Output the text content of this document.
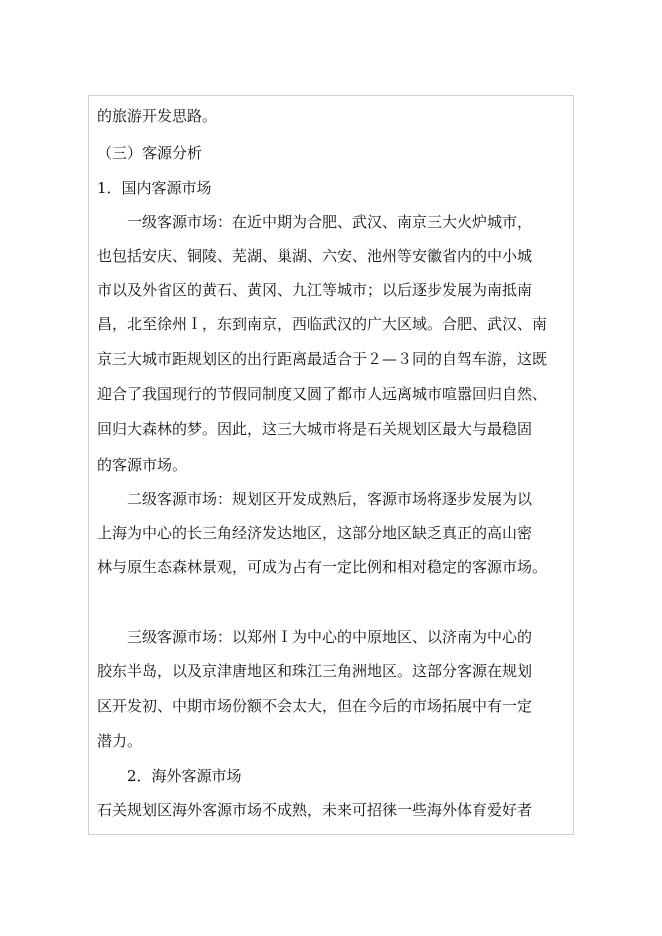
的旅游开发思路。
（三）客源分析
1．国内客源市场
一级客源市场：在近中期为合肥、武汉、南京三大火炉城市，
也包括安庆、铜陵、芜湖、巢湖、六安、池州等安徽省内的中小城
市以及外省区的黄石、黄冈、九江等城市；以后逐步发展为南抵南
昌，北至徐州Ｉ，东到南京，西临武汉的广大区域。合肥、武汉、南
京三大城市距规划区的出行距离最适合于２—３同的自驾车游，这既
迎合了我国现行的节假同制度又圆了都市人远离城市喧嚣回归自然、
回归大森林的梦。因此，这三大城市将是石关规划区最大与最稳固
的客源市场。
二级客源市场：规划区开发成熟后，客源市场将逐步发展为以
上海为中心的长三角经济发达地区，这部分地区缺乏真正的高山密
林与原生态森林景观，可成为占有一定比例和相对稳定的客源市场。
三级客源市场：以郑州Ｉ为中心的中原地区、以济南为中心的
胶东半岛，以及京津唐地区和珠江三角洲地区。这部分客源在规划
区开发初、中期市场份额不会太大，但在今后的市场拓展中有一定
潜力。
2．海外客源市场
石关规划区海外客源市场不成熟，未来可招徕一些海外体育爱好者
